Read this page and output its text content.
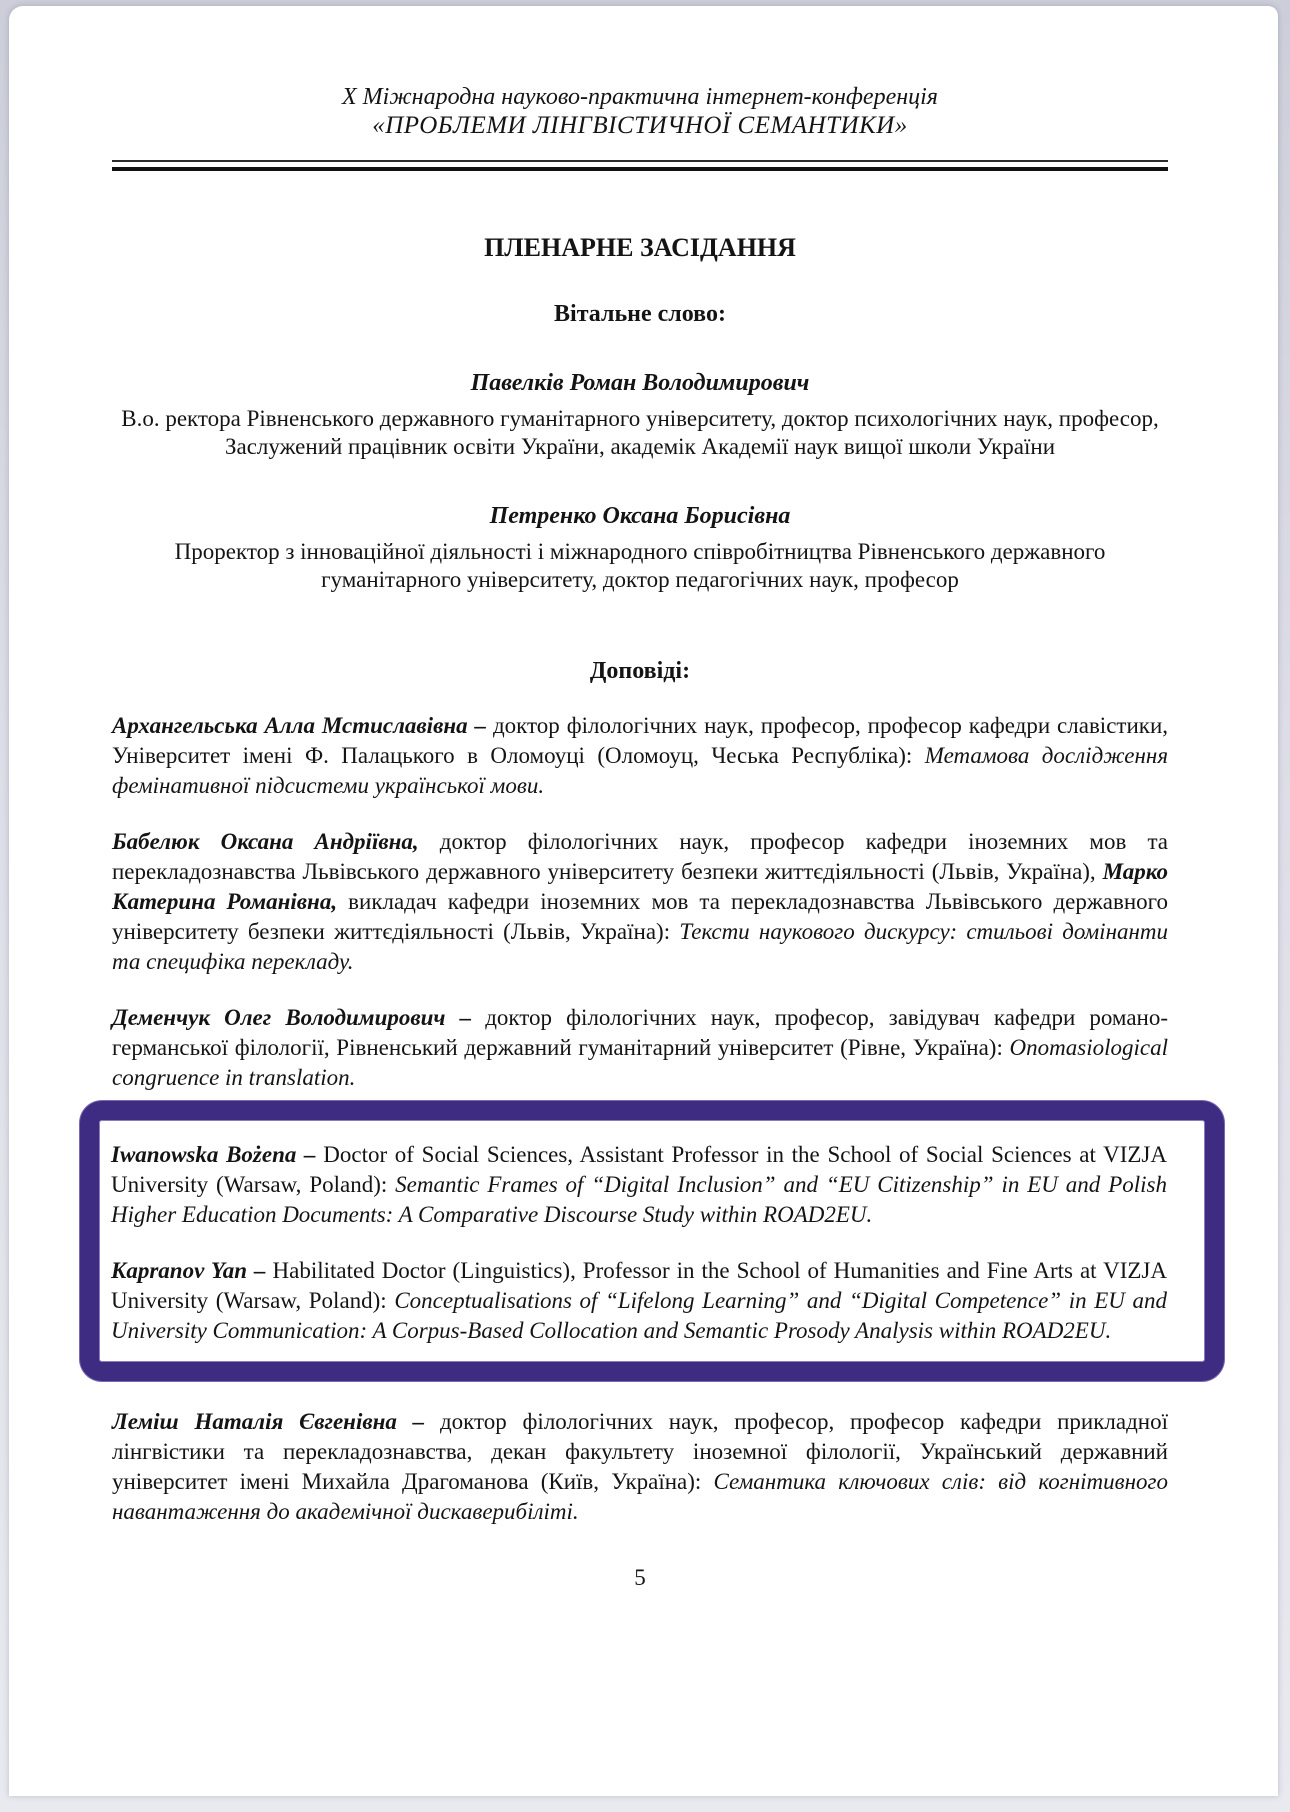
Х Міжнародна науково-практична інтернет-конференція
«ПРОБЛЕМИ ЛІНГВІСТИЧНОЇ СЕМАНТИКИ»
ПЛЕНАРНЕ ЗАСІДАННЯ
Вітальне слово:
Павелків Роман Володимирович
В.о. ректора Рівненського державного гуманітарного університету, доктор психологічних наук, професор, Заслужений працівник освіти України, академік Академії наук вищої школи України
Петренко Оксана Борисівна
Проректор з інноваційної діяльності і міжнародного співробітництва Рівненського державного гуманітарного університету, доктор педагогічних наук, професор
Доповіді:

Архангельська Алла Мстиславівна – доктор філологічних наук, професор, професор кафедри славістики, Університет імені Ф. Палацького в Оломоуці (Оломоуц, Чеська Республіка): Метамова дослідження фемінативної підсистеми української мови.

Бабелюк Оксана Андріївна, доктор філологічних наук, професор кафедри іноземних мов та перекладознавства Львівського державного університету безпеки життєдіяльності (Львів, Україна), Марко Катерина Романівна, викладач кафедри іноземних мов та перекладознавства Львівського державного університету безпеки життєдіяльності (Львів, Україна): Тексти наукового дискурсу: стильові домінанти та специфіка перекладу.

Деменчук Олег Володимирович – доктор філологічних наук, професор, завідувач кафедри романо-германської філології, Рівненський державний гуманітарний університет (Рівне, Україна): Onomasiological congruence in translation.

Iwanowska Bożena – Doctor of Social Sciences, Assistant Professor in the School of Social Sciences at VIZJA University (Warsaw, Poland): Semantic Frames of “Digital Inclusion” and “EU Citizenship” in EU and Polish Higher Education Documents: A Comparative Discourse Study within ROAD2EU.

Kapranov Yan – Habilitated Doctor (Linguistics), Professor in the School of Humanities and Fine Arts at VIZJA University (Warsaw, Poland): Conceptualisations of “Lifelong Learning” and “Digital Competence” in EU and University Communication: A Corpus-Based Collocation and Semantic Prosody Analysis within ROAD2EU.

Леміш Наталія Євгенівна – доктор філологічних наук, професор, професор кафедри прикладної лінгвістики та перекладознавства, декан факультету іноземної філології, Український державний університет імені Михайла Драгоманова (Київ, Україна): Семантика ключових слів: від когнітивного навантаження до академічної дискаверибіліті.

5
